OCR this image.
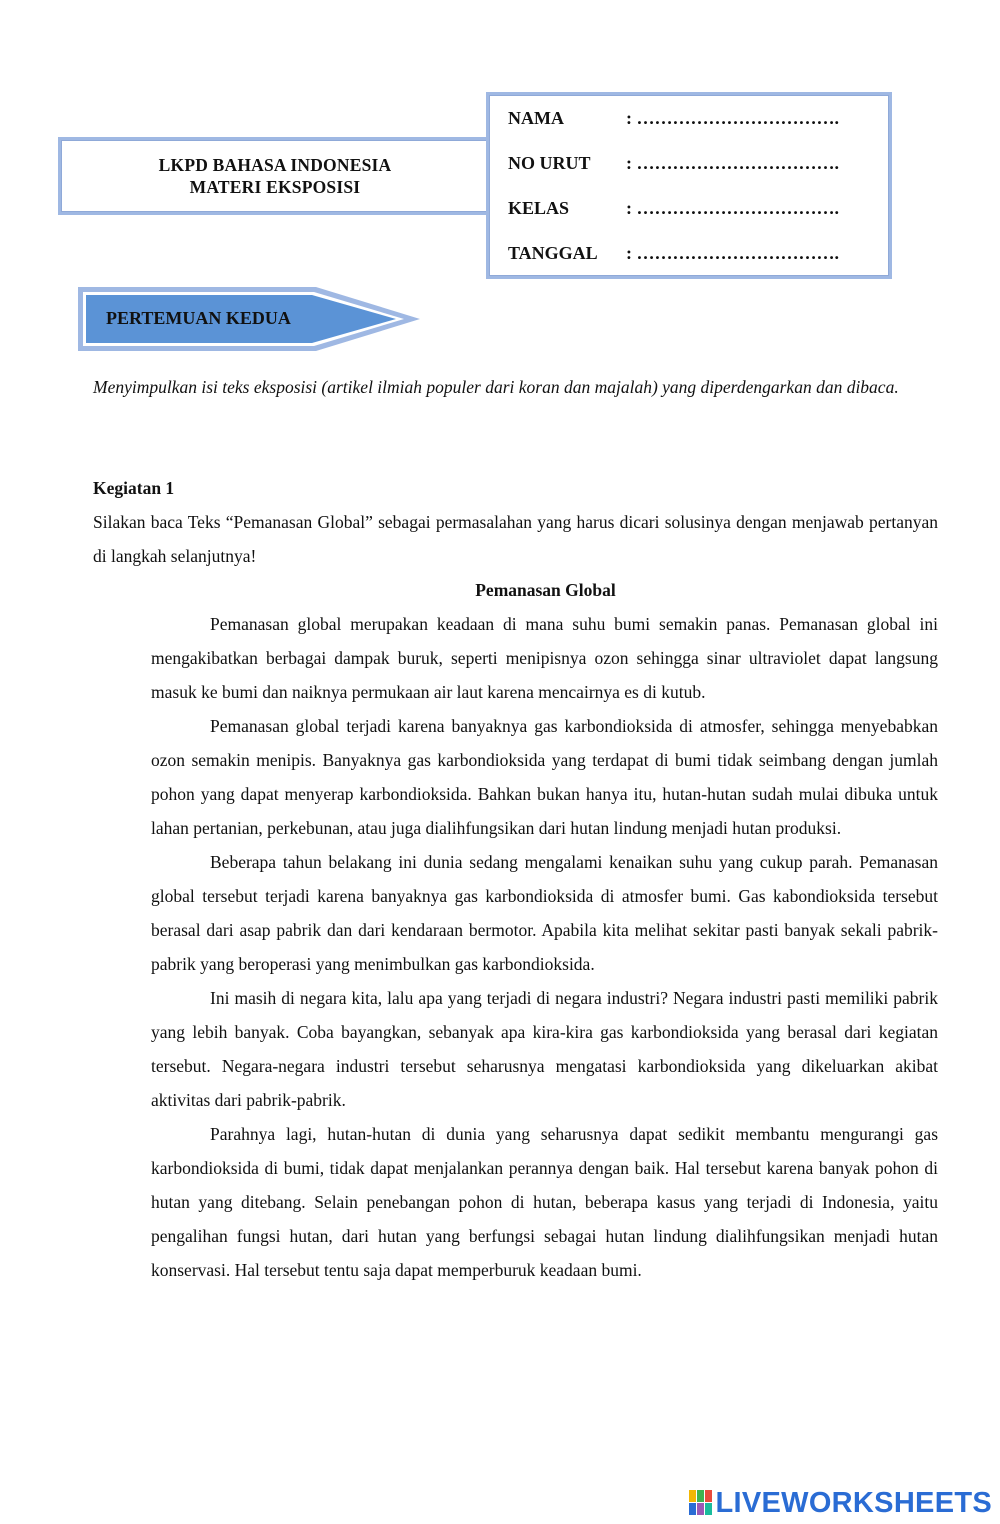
LKPD BAHASA INDONESIA
MATERI EKSPOSISI
NAMA	: …………………………….
NO URUT : …………………………….
KELAS	: …………………………….
TANGGAL : …………………………….
PERTEMUAN KEDUA
Menyimpulkan isi teks eksposisi (artikel ilmiah populer dari koran dan majalah) yang diperdengarkan dan dibaca.
Kegiatan 1
Silakan baca Teks “Pemanasan Global” sebagai permasalahan yang harus dicari solusinya dengan menjawab pertanyan di langkah selanjutnya!
Pemanasan Global
Pemanasan global merupakan keadaan di mana suhu bumi semakin panas. Pemanasan global ini mengakibatkan berbagai dampak buruk, seperti menipisnya ozon sehingga sinar ultraviolet dapat langsung masuk ke bumi dan naiknya permukaan air laut karena mencairnya es di kutub.
Pemanasan global terjadi karena banyaknya gas karbondioksida di atmosfer, sehingga menyebabkan ozon semakin menipis. Banyaknya gas karbondioksida yang terdapat di bumi tidak seimbang dengan jumlah pohon yang dapat menyerap karbondioksida. Bahkan bukan hanya itu, hutan-hutan sudah mulai dibuka untuk lahan pertanian, perkebunan, atau juga dialihfungsikan dari hutan lindung menjadi hutan produksi.
Beberapa tahun belakang ini dunia sedang mengalami kenaikan suhu yang cukup parah. Pemanasan global tersebut terjadi karena banyaknya gas karbondioksida di atmosfer bumi. Gas kabondioksida tersebut berasal dari asap pabrik dan dari kendaraan bermotor. Apabila kita melihat sekitar pasti banyak sekali pabrik-pabrik yang beroperasi yang menimbulkan gas karbondioksida.
Ini masih di negara kita, lalu apa yang terjadi di negara industri? Negara industri pasti memiliki pabrik yang lebih banyak. Coba bayangkan, sebanyak apa kira-kira gas karbondioksida yang berasal dari kegiatan tersebut. Negara-negara industri tersebut seharusnya mengatasi karbondioksida yang dikeluarkan akibat aktivitas dari pabrik-pabrik.
Parahnya lagi, hutan-hutan di dunia yang seharusnya dapat sedikit membantu mengurangi gas karbondioksida di bumi, tidak dapat menjalankan perannya dengan baik. Hal tersebut karena banyak pohon di hutan yang ditebang. Selain penebangan pohon di hutan, beberapa kasus yang terjadi di Indonesia, yaitu pengalihan fungsi hutan, dari hutan yang berfungsi sebagai hutan lindung dialihfungsikan menjadi hutan konservasi. Hal tersebut tentu saja dapat memperburuk keadaan bumi.
LIVEWORKSHEETS
